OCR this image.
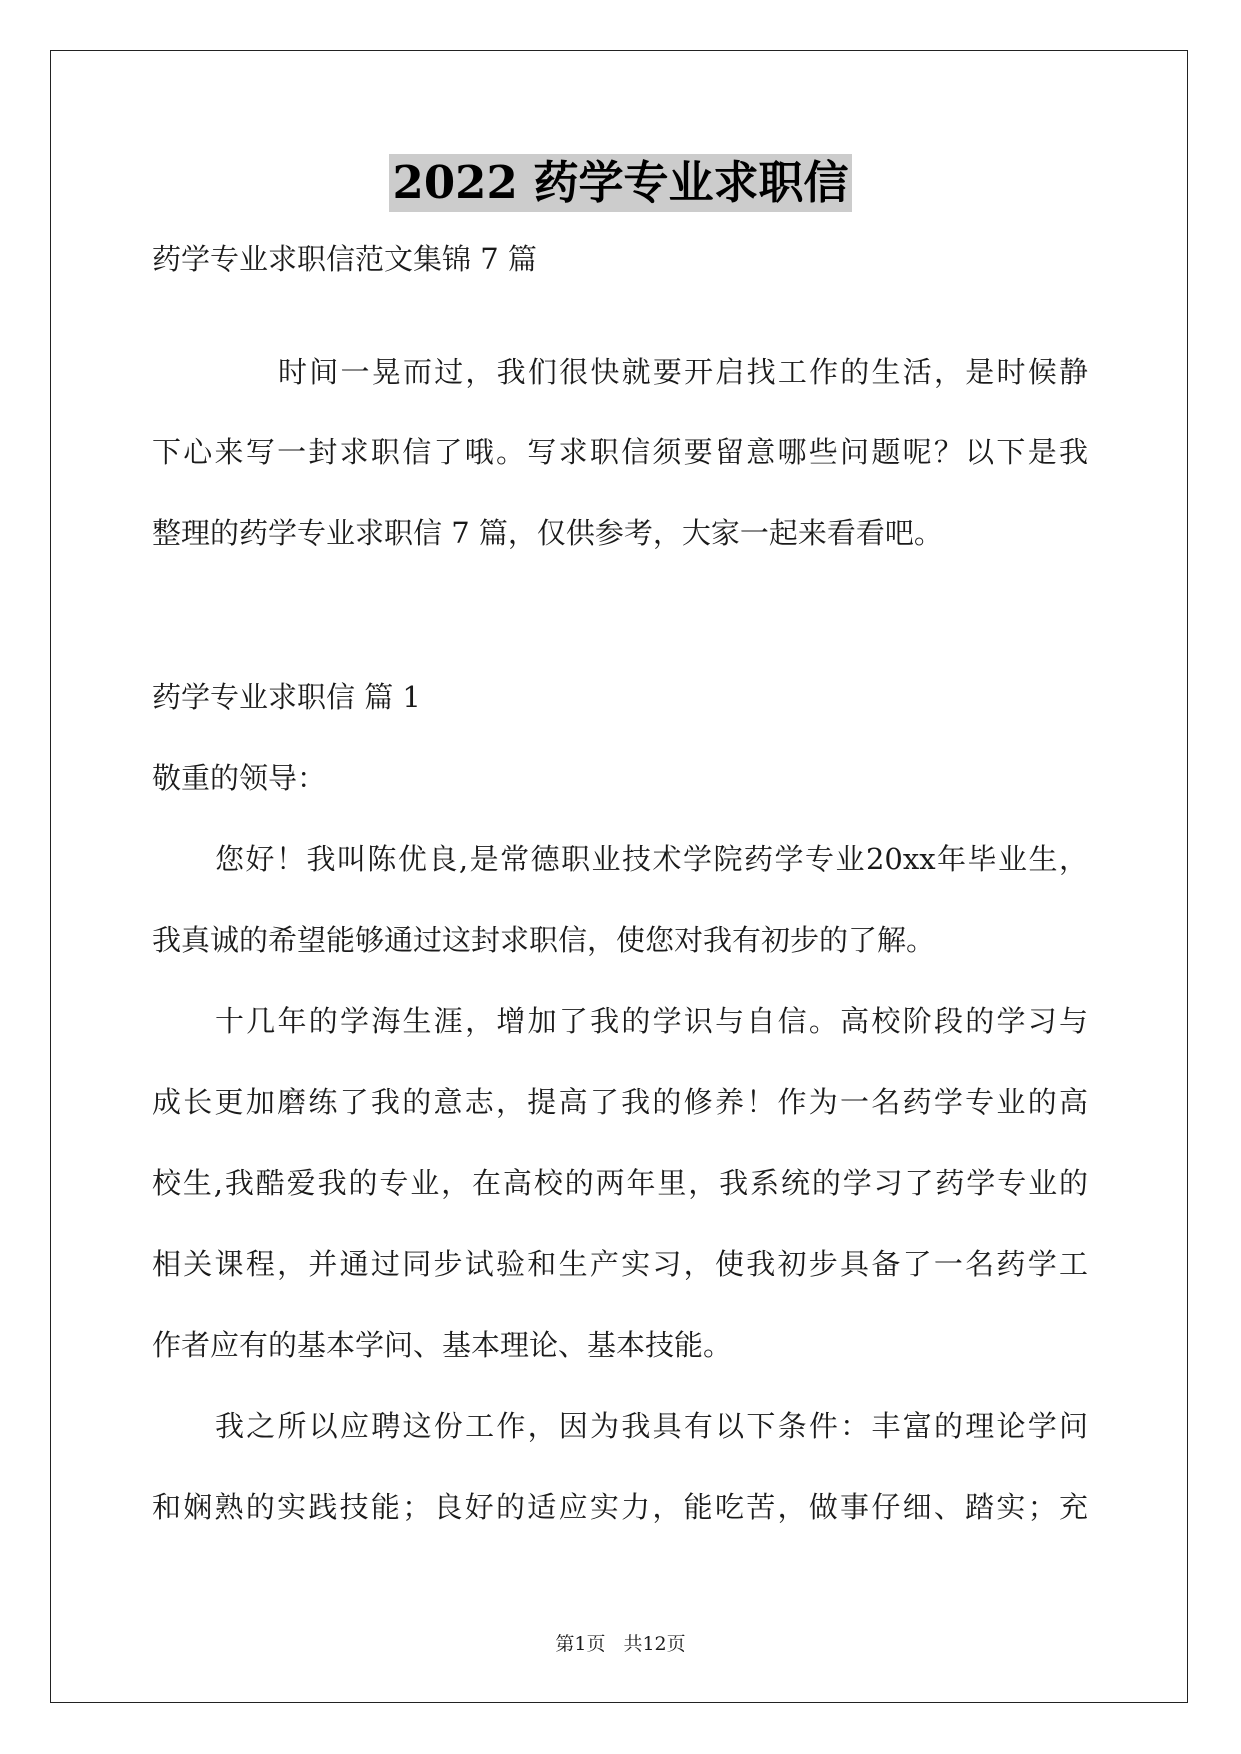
2022 药学专业求职信
药学专业求职信范文集锦 7 篇
时间一晃而过，我们很快就要开启找工作的生活，是时候静
下心来写一封求职信了哦。写求职信须要留意哪些问题呢？以下是我
整理的药学专业求职信 7 篇，仅供参考，大家一起来看看吧。
药学专业求职信 篇 1
敬重的领导：
您好！我叫陈优良,是常德职业技术学院药学专业20xx年毕业生，
我真诚的希望能够通过这封求职信，使您对我有初步的了解。
十几年的学海生涯，增加了我的学识与自信。高校阶段的学习与
成长更加磨练了我的意志，提高了我的修养！作为一名药学专业的高
校生,我酷爱我的专业，在高校的两年里，我系统的学习了药学专业的
相关课程，并通过同步试验和生产实习，使我初步具备了一名药学工
作者应有的基本学问、基本理论、基本技能。
我之所以应聘这份工作，因为我具有以下条件：丰富的理论学问
和娴熟的实践技能；良好的适应实力，能吃苦，做事仔细、踏实；充
第1页 共12页
